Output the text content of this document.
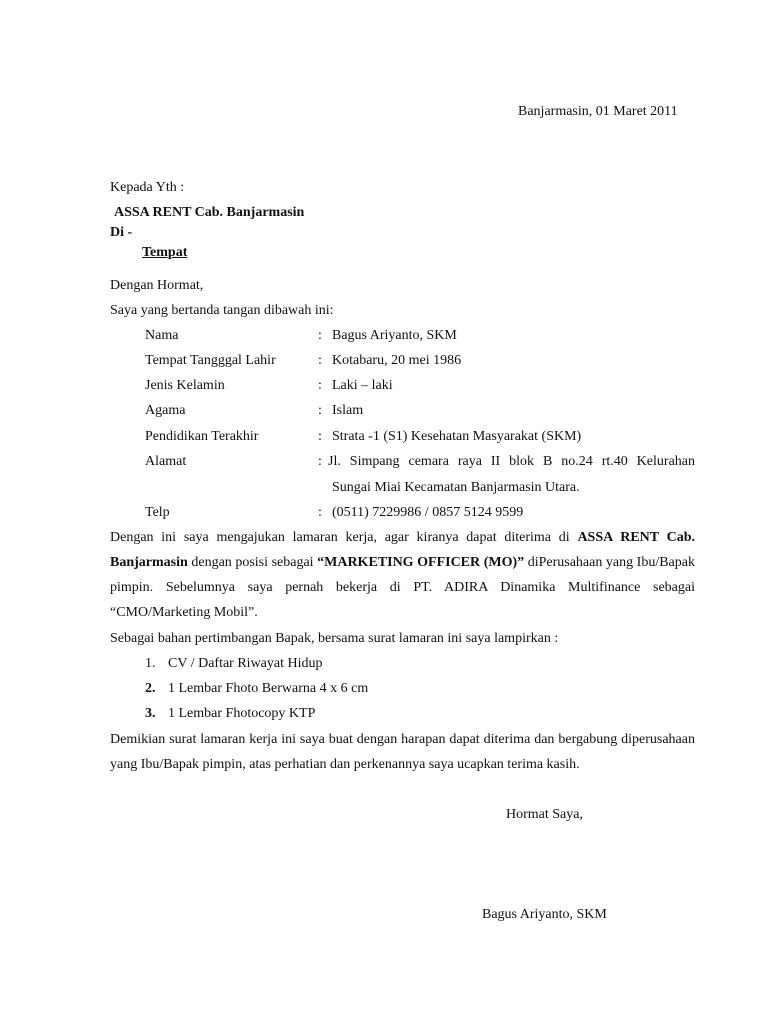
Banjarmasin, 01 Maret 2011
Kepada Yth :
ASSA RENT Cab. Banjarmasin
Di -
Tempat
Dengan Hormat,
Saya yang bertanda tangan dibawah ini:
Nama	: Bagus Ariyanto, SKM
Tempat Tangggal Lahir	: Kotabaru, 20 mei 1986
Jenis Kelamin	: Laki – laki
Agama	: Islam
Pendidikan Terakhir	: Strata -1 (S1) Kesehatan Masyarakat (SKM)
Alamat	: Jl. Simpang cemara raya II blok B no.24 rt.40 Kelurahan
Sungai Miai Kecamatan Banjarmasin Utara.
Telp	: (0511) 7229986 / 0857 5124 9599
Dengan ini saya mengajukan lamaran kerja, agar kiranya dapat diterima di ASSA RENT Cab. Banjarmasin dengan posisi sebagai “MARKETING OFFICER (MO)” diPerusahaan yang Ibu/Bapak pimpin. Sebelumnya saya pernah bekerja di PT. ADIRA Dinamika Multifinance sebagai “CMO/Marketing Mobil”.
Sebagai bahan pertimbangan Bapak, bersama surat lamaran ini saya lampirkan :
1. CV / Daftar Riwayat Hidup
2. 1 Lembar Fhoto Berwarna 4 x 6 cm
3. 1 Lembar Fhotocopy KTP
Demikian surat lamaran kerja ini saya buat dengan harapan dapat diterima dan bergabung diperusahaan yang Ibu/Bapak pimpin, atas perhatian dan perkenannya saya ucapkan terima kasih.
Hormat Saya,
Bagus Ariyanto, SKM
